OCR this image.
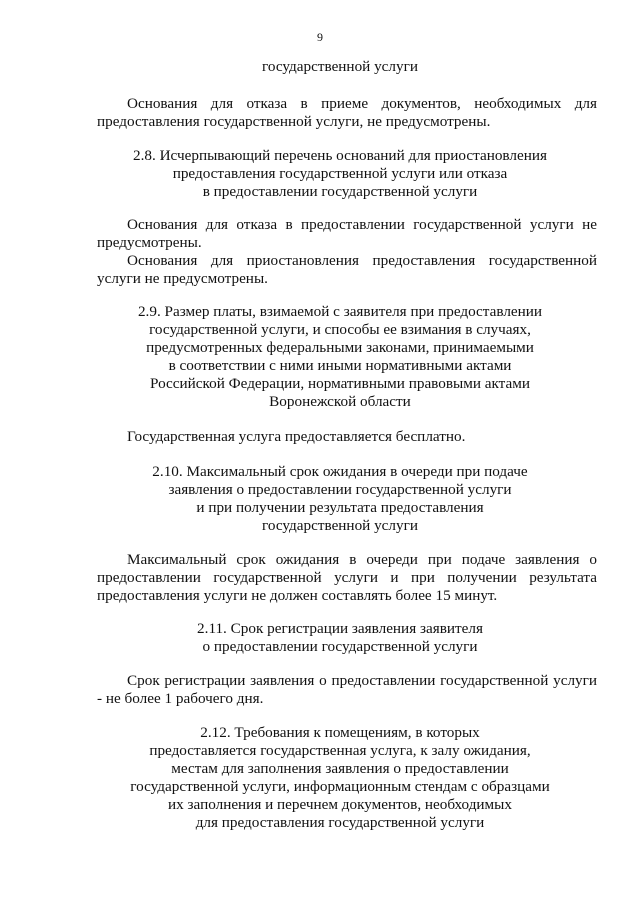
9
государственной услуги
Основания для отказа в приеме документов, необходимых для
предоставления государственной услуги, не предусмотрены.
2.8. Исчерпывающий перечень оснований для приостановления
предоставления государственной услуги или отказа
в предоставлении государственной услуги
Основания для отказа в предоставлении государственной услуги не
предусмотрены.
Основания для приостановления предоставления государственной
услуги не предусмотрены.
2.9. Размер платы, взимаемой с заявителя при предоставлении
государственной услуги, и способы ее взимания в случаях,
предусмотренных федеральными законами, принимаемыми
в соответствии с ними иными нормативными актами
Российской Федерации, нормативными правовыми актами
Воронежской области
Государственная услуга предоставляется бесплатно.
2.10. Максимальный срок ожидания в очереди при подаче
заявления о предоставлении государственной услуги
и при получении результата предоставления
государственной услуги
Максимальный срок ожидания в очереди при подаче заявления о
предоставлении государственной услуги и при получении результата
предоставления услуги не должен составлять более 15 минут.
2.11. Срок регистрации заявления заявителя
о предоставлении государственной услуги
Срок регистрации заявления о предоставлении государственной услуги
- не более 1 рабочего дня.
2.12. Требования к помещениям, в которых
предоставляется государственная услуга, к залу ожидания,
местам для заполнения заявления о предоставлении
государственной услуги, информационным стендам с образцами
их заполнения и перечнем документов, необходимых
для предоставления государственной услуги
